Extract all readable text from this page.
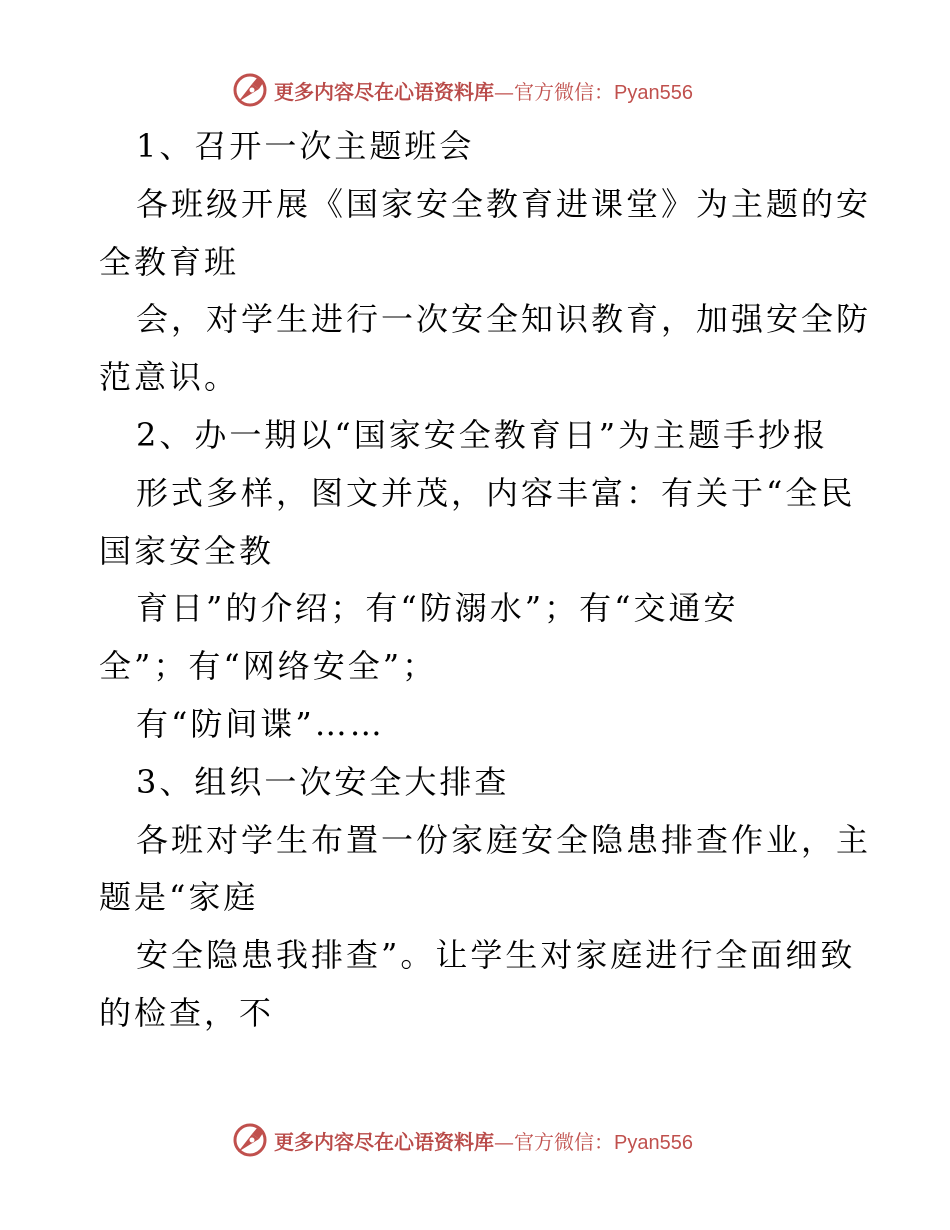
更多内容尽在心语资料库—官方微信：Pyan556
1、召开一次主题班会
各班级开展《国家安全教育进课堂》为主题的安
全教育班
会，对学生进行一次安全知识教育，加强安全防
范意识。
2、办一期以“国家安全教育日”为主题手抄报
形式多样，图文并茂，内容丰富：有关于“全民
国家安全教
育日”的介绍；有“防溺水”；有“交通安
全”；有“网络安全”；
有“防间谍”……
3、组织一次安全大排查
各班对学生布置一份家庭安全隐患排查作业，主
题是“家庭
安全隐患我排查”。让学生对家庭进行全面细致
的检查，不
更多内容尽在心语资料库—官方微信：Pyan556
